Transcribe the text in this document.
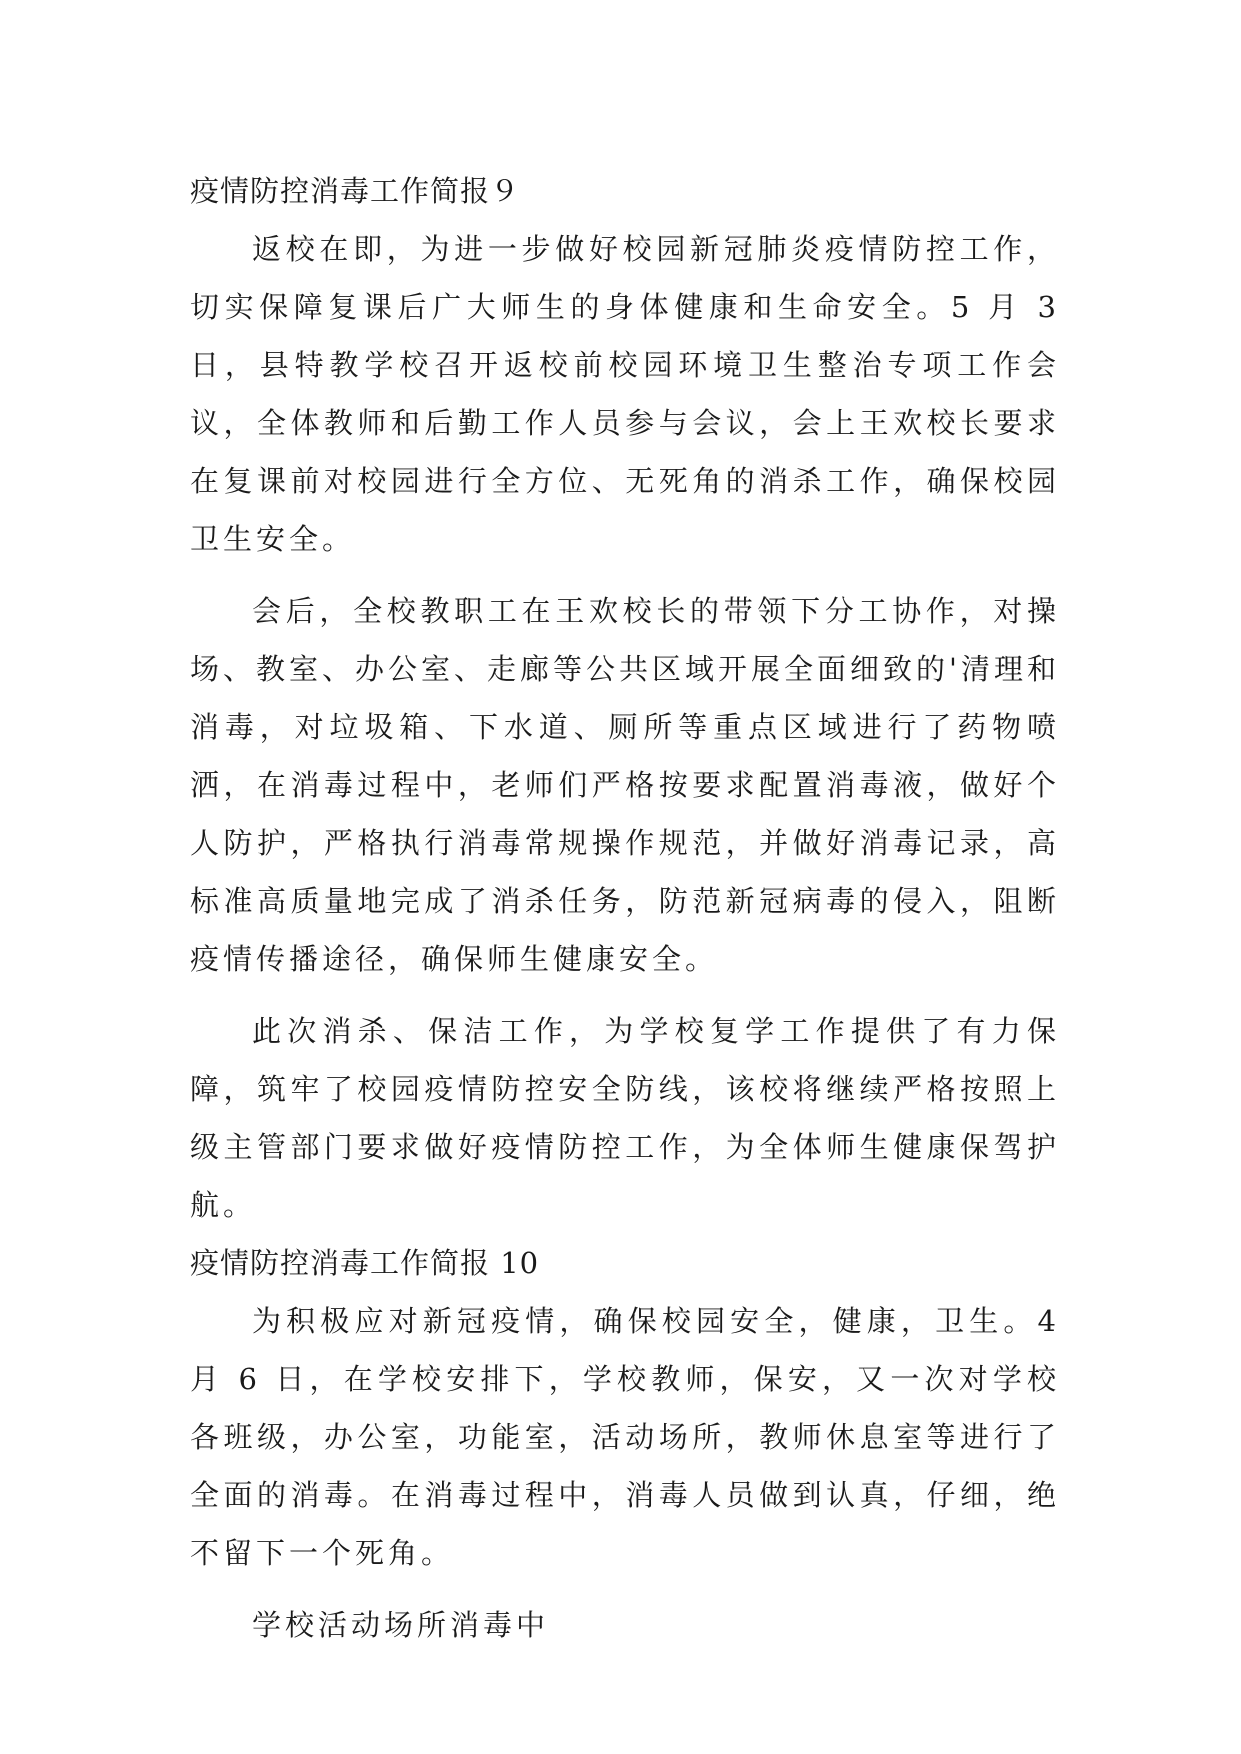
疫情防控消毒工作简报９

返校在即，为进一步做好校园新冠肺炎疫情防控工作，切实保障复课后广大师生的身体健康和生命安全。5 月 3 日，县特教学校召开返校前校园环境卫生整治专项工作会议，全体教师和后勤工作人员参与会议，会上王欢校长要求在复课前对校园进行全方位、无死角的消杀工作，确保校园卫生安全。

会后，全校教职工在王欢校长的带领下分工协作，对操场、教室、办公室、走廊等公共区域开展全面细致的'清理和消毒，对垃圾箱、下水道、厕所等重点区域进行了药物喷洒，在消毒过程中，老师们严格按要求配置消毒液，做好个人防护，严格执行消毒常规操作规范，并做好消毒记录，高标准高质量地完成了消杀任务，防范新冠病毒的侵入，阻断疫情传播途径，确保师生健康安全。

此次消杀、保洁工作，为学校复学工作提供了有力保障，筑牢了校园疫情防控安全防线，该校将继续严格按照上级主管部门要求做好疫情防控工作，为全体师生健康保驾护航。

疫情防控消毒工作简报 10

为积极应对新冠疫情，确保校园安全，健康，卫生。4 月 6 日，在学校安排下，学校教师，保安，又一次对学校各班级，办公室，功能室，活动场所，教师休息室等进行了全面的消毒。在消毒过程中，消毒人员做到认真，仔细，绝不留下一个死角。

学校活动场所消毒中
